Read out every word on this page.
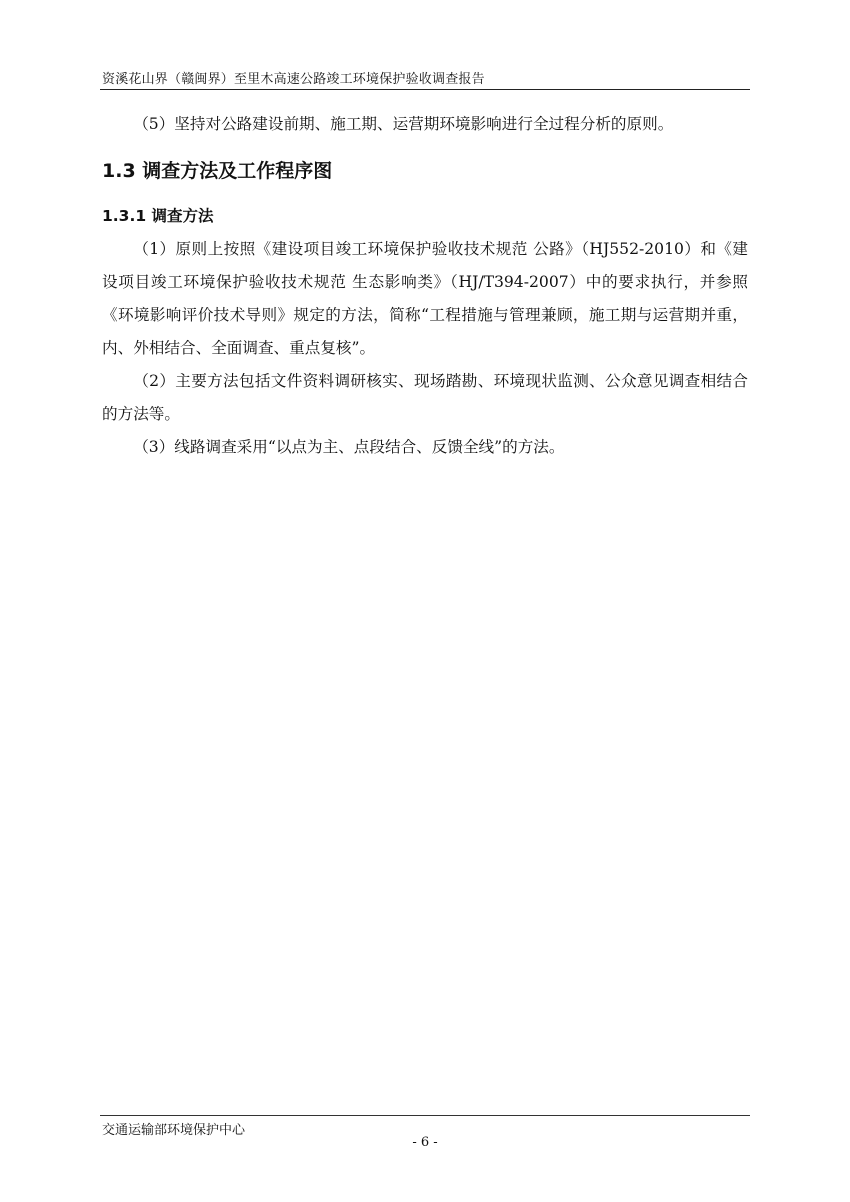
资溪花山界（赣闽界）至里木高速公路竣工环境保护验收调查报告

（5）坚持对公路建设前期、施工期、运营期环境影响进行全过程分析的原则。

1.3 调查方法及工作程序图
1.3.1 调查方法

（1）原则上按照《建设项目竣工环境保护验收技术规范 公路》（HJ552-2010）和《建设项目竣工环境保护验收技术规范 生态影响类》（HJ/T394-2007）中的要求执行，并参照《环境影响评价技术导则》规定的方法，简称“工程措施与管理兼顾，施工期与运营期并重，内、外相结合、全面调查、重点复核”。

（2）主要方法包括文件资料调研核实、现场踏勘、环境现状监测、公众意见调查相结合的方法等。

（3）线路调查采用“以点为主、点段结合、反馈全线”的方法。

交通运输部环境保护中心
- 6 -
